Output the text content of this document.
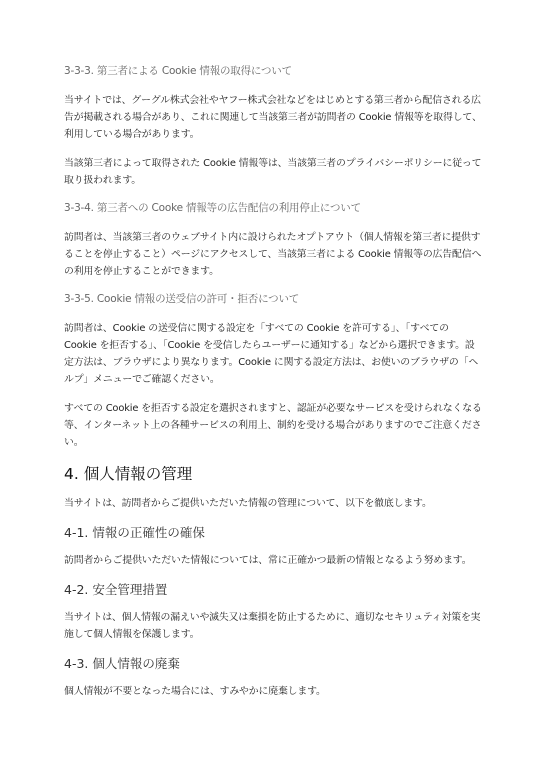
3-3-3. 第三者による Cookie 情報の取得について

当サイトでは、グーグル株式会社やヤフー株式会社などをはじめとする第三者から配信される広告が掲載される場合があり、これに関連して当該第三者が訪問者の Cookie 情報等を取得して、利用している場合があります。

当該第三者によって取得された Cookie 情報等は、当該第三者のプライバシーポリシーに従って取り扱われます。

3-3-4. 第三者への Cooke 情報等の広告配信の利用停止について

訪問者は、当該第三者のウェブサイト内に設けられたオプトアウト（個人情報を第三者に提供することを停止すること）ページにアクセスして、当該第三者による Cookie 情報等の広告配信への利用を停止することができます。

3-3-5. Cookie 情報の送受信の許可・拒否について

訪問者は、Cookie の送受信に関する設定を「すべての Cookie を許可する」、「すべての Cookie を拒否する」、「Cookie を受信したらユーザーに通知する」などから選択できます。設定方法は、ブラウザにより異なります。Cookie に関する設定方法は、お使いのブラウザの「ヘルプ」メニューでご確認ください。

すべての Cookie を拒否する設定を選択されますと、認証が必要なサービスを受けられなくなる等、インターネット上の各種サービスの利用上、制約を受ける場合がありますのでご注意ください。

4. 個人情報の管理

当サイトは、訪問者からご提供いただいた情報の管理について、以下を徹底します。

4-1. 情報の正確性の確保

訪問者からご提供いただいた情報については、常に正確かつ最新の情報となるよう努めます。

4-2. 安全管理措置

当サイトは、個人情報の漏えいや滅失又は棄損を防止するために、適切なセキリュティ対策を実施して個人情報を保護します。

4-3. 個人情報の廃棄

個人情報が不要となった場合には、すみやかに廃棄します。
